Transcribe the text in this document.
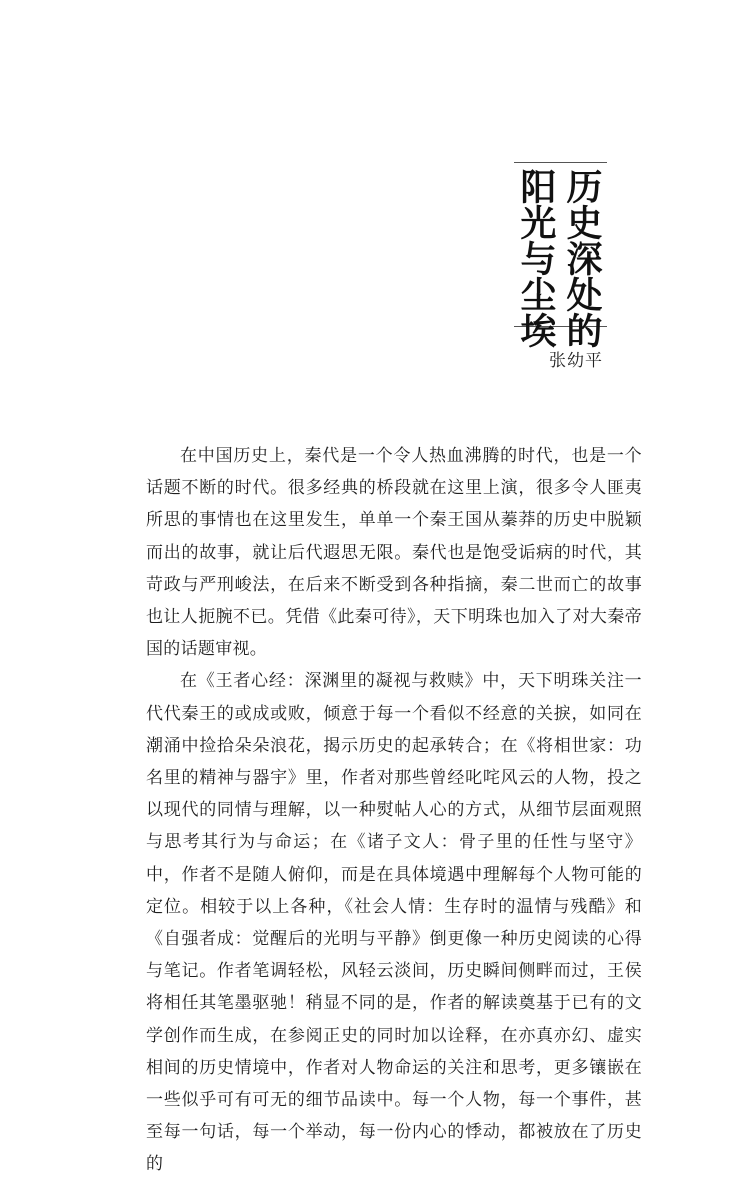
历史深处的
阳光与尘埃
张幼平

在中国历史上，秦代是一个令人热血沸腾的时代，也是一个话题不断的时代。很多经典的桥段就在这里上演，很多令人匪夷所思的事情也在这里发生，单单一个秦王国从蓁莽的历史中脱颖而出的故事，就让后代遐思无限。秦代也是饱受诟病的时代，其苛政与严刑峻法，在后来不断受到各种指摘，秦二世而亡的故事也让人扼腕不已。凭借《此秦可待》，天下明珠也加入了对大秦帝国的话题审视。

在《王者心经：深渊里的凝视与救赎》中，天下明珠关注一代代秦王的或成或败，倾意于每一个看似不经意的关捩，如同在潮涌中捡拾朵朵浪花，揭示历史的起承转合；在《将相世家：功名里的精神与器宇》里，作者对那些曾经叱咤风云的人物，投之以现代的同情与理解，以一种熨帖人心的方式，从细节层面观照与思考其行为与命运；在《诸子文人：骨子里的任性与坚守》中，作者不是随人俯仰，而是在具体境遇中理解每个人物可能的定位。相较于以上各种，《社会人情：生存时的温情与残酷》和《自强者成：觉醒后的光明与平静》倒更像一种历史阅读的心得与笔记。作者笔调轻松，风轻云淡间，历史瞬间侧畔而过，王侯将相任其笔墨驱驰！稍显不同的是，作者的解读奠基于已有的文学创作而生成，在参阅正史的同时加以诠释，在亦真亦幻、虚实相间的历史情境中，作者对人物命运的关注和思考，更多镶嵌在一些似乎可有可无的细节品读中。每一个人物，每一个事件，甚至每一句话，每一个举动，每一份内心的悸动，都被放在了历史的
